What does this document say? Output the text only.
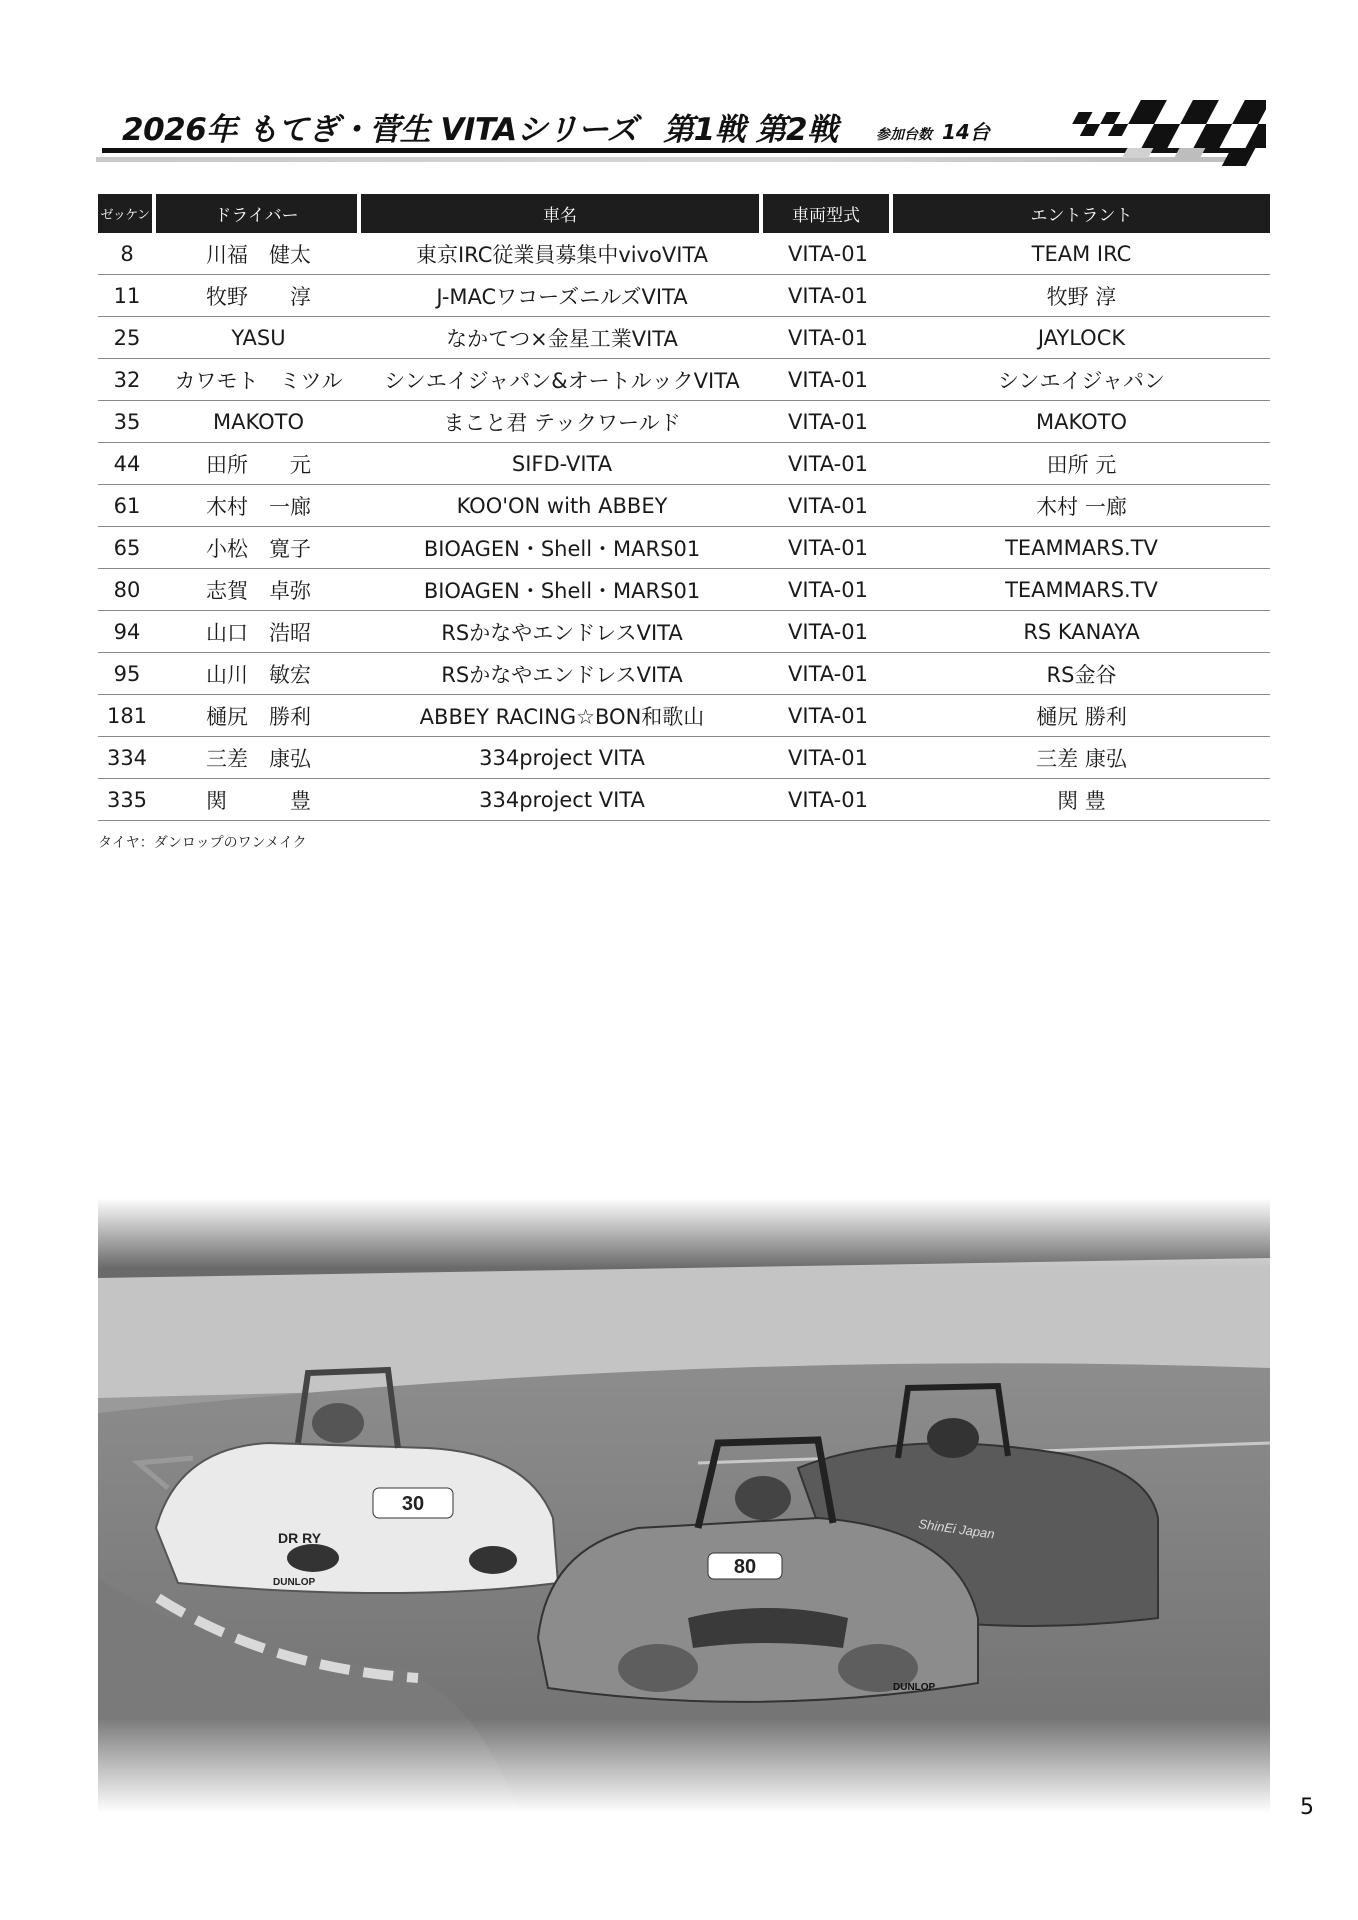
2026年 もてぎ・菅生 VITAシリーズ 第1戦 第2戦	参加台数 14台
ゼッケン	ドライバー	車名	車両型式	エントラント
8	川福　健太	東京IRC従業員募集中vivoVITA	VITA-01	TEAM IRC
11	牧野　　淳	J-MACワコーズニルズVITA	VITA-01	牧野 淳
25	YASU	なかてつ×金星工業VITA	VITA-01	JAYLOCK
32	カワモト　ミツル	シンエイジャパン&オートルックVITA	VITA-01	シンエイジャパン
35	MAKOTO	まこと君 テックワールド	VITA-01	MAKOTO
44	田所　　元	SIFD-VITA	VITA-01	田所 元
61	木村　一廊	KOO'ON with ABBEY	VITA-01	木村 一廊
65	小松　寛子	BIOAGEN・Shell・MARS01	VITA-01	TEAMMARS.TV
80	志賀　卓弥	BIOAGEN・Shell・MARS01	VITA-01	TEAMMARS.TV
94	山口　浩昭	RSかなやエンドレスVITA	VITA-01	RS KANAYA
95	山川　敏宏	RSかなやエンドレスVITA	VITA-01	RS金谷
181	樋尻　勝利	ABBEY RACING☆BON和歌山	VITA-01	樋尻 勝利
334	三差　康弘	334project VITA	VITA-01	三差 康弘
335	関　　　豊	334project VITA	VITA-01	関 豊
タイヤ：ダンロップのワンメイク
30
DR RY
DUNLOP
ShinEi Japan
80
DUNLOP
5
